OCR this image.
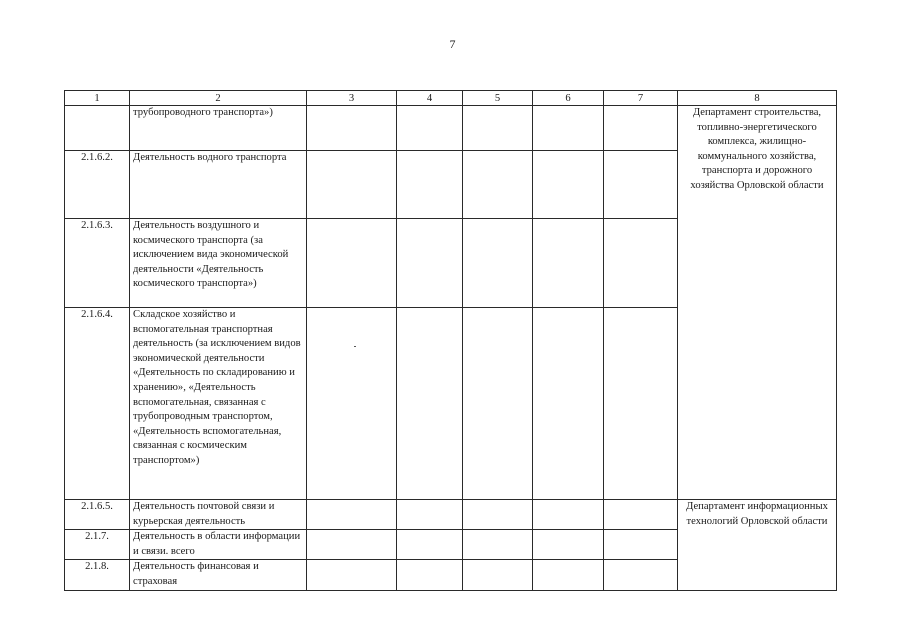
7
1	2	3	4	5	6	7	8
	трубопроводного транспорта»)						Департамент строительства, топливно-энергетического комплекса, жилищно-коммунального хозяйства, транспорта и дорожного хозяйства Орловской области

2.1.6.2.	Деятельность водного транспорта						
2.1.6.3.	Деятельность воздушного и космического транспорта (за исключением вида экономической деятельности «Деятельность космического транспорта»)						
2.1.6.4.	Складское хозяйство и вспомогательная транспортная деятельность (за исключением видов экономической деятельности «Деятельность по складированию и хранению», «Деятельность вспомогательная, связанная с трубопроводным транспортом, «Деятельность вспомогательная, связанная с космическим транспортом»)						
2.1.6.5.	Деятельность почтовой связи и курьерская деятельность						Департамент информационных технологий Орловской области

2.1.7.	Деятельность в области информации и связи. всего						
2.1.8.	Деятельность финансовая и страховая						
